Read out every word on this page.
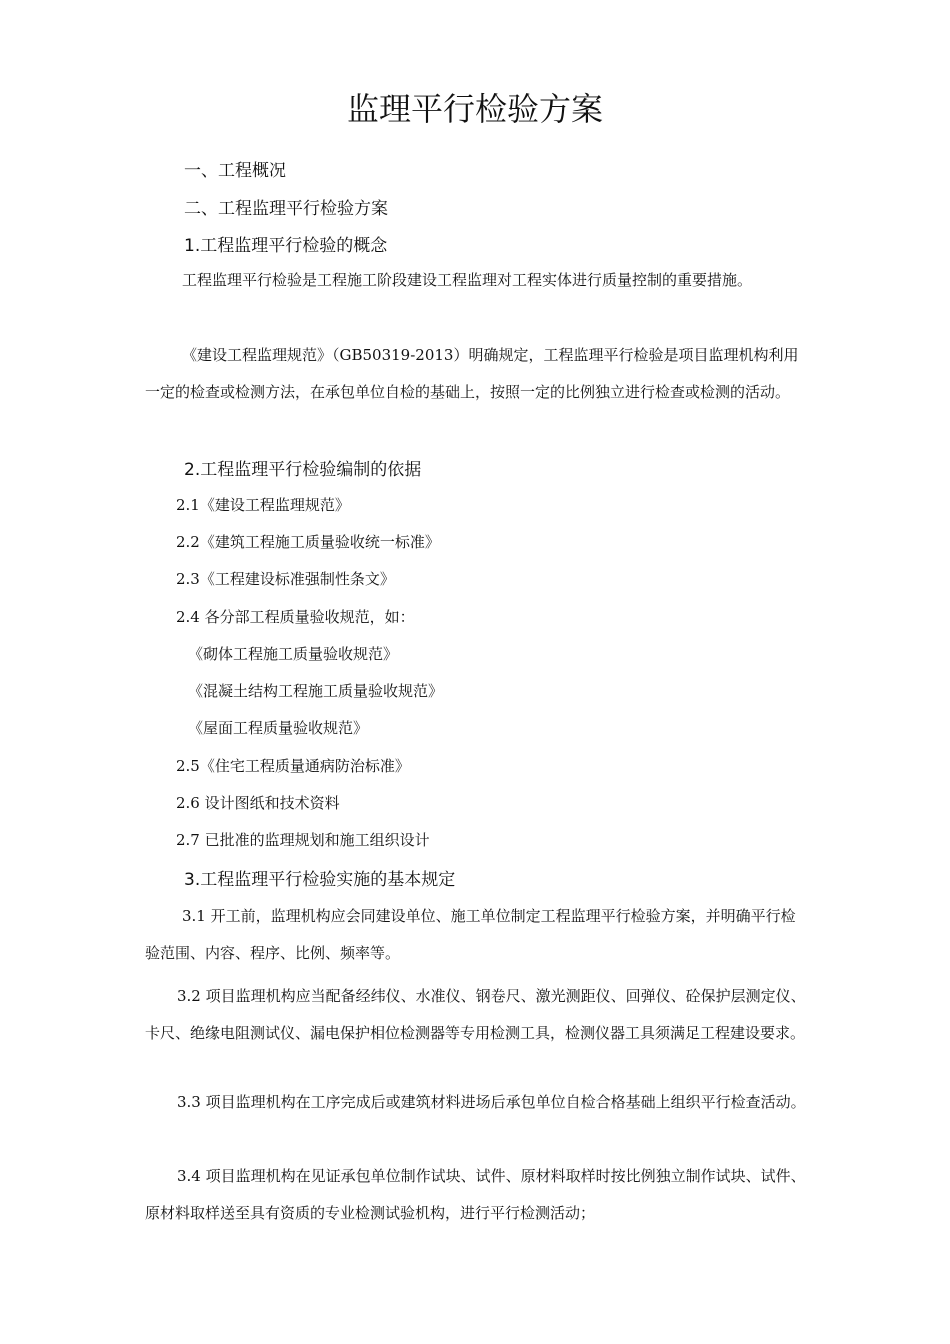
监理平行检验方案

一、工程概况

二、工程监理平行检验方案

1.工程监理平行检验的概念

工程监理平行检验是工程施工阶段建设工程监理对工程实体进行质量控制的重要措施。

《建设工程监理规范》（GB50319-2013）明确规定，工程监理平行检验是项目监理机构利用一定的检查或检测方法，在承包单位自检的基础上，按照一定的比例独立进行检查或检测的活动。

2.工程监理平行检验编制的依据

2.1《建设工程监理规范》

2.2《建筑工程施工质量验收统一标准》

2.3《工程建设标准强制性条文》

2.4 各分部工程质量验收规范，如：

《砌体工程施工质量验收规范》

《混凝土结构工程施工质量验收规范》

《屋面工程质量验收规范》

2.5《住宅工程质量通病防治标准》

2.6 设计图纸和技术资料

2.7 已批准的监理规划和施工组织设计

3.工程监理平行检验实施的基本规定

3.1 开工前，监理机构应会同建设单位、施工单位制定工程监理平行检验方案，并明确平行检验范围、内容、程序、比例、频率等。

3.2 项目监理机构应当配备经纬仪、水准仪、钢卷尺、激光测距仪、回弹仪、砼保护层测定仪、卡尺、绝缘电阻测试仪、漏电保护相位检测器等专用检测工具，检测仪器工具须满足工程建设要求。

3.3 项目监理机构在工序完成后或建筑材料进场后承包单位自检合格基础上组织平行检查活动。

3.4 项目监理机构在见证承包单位制作试块、试件、原材料取样时按比例独立制作试块、试件、原材料取样送至具有资质的专业检测试验机构，进行平行检测活动；
